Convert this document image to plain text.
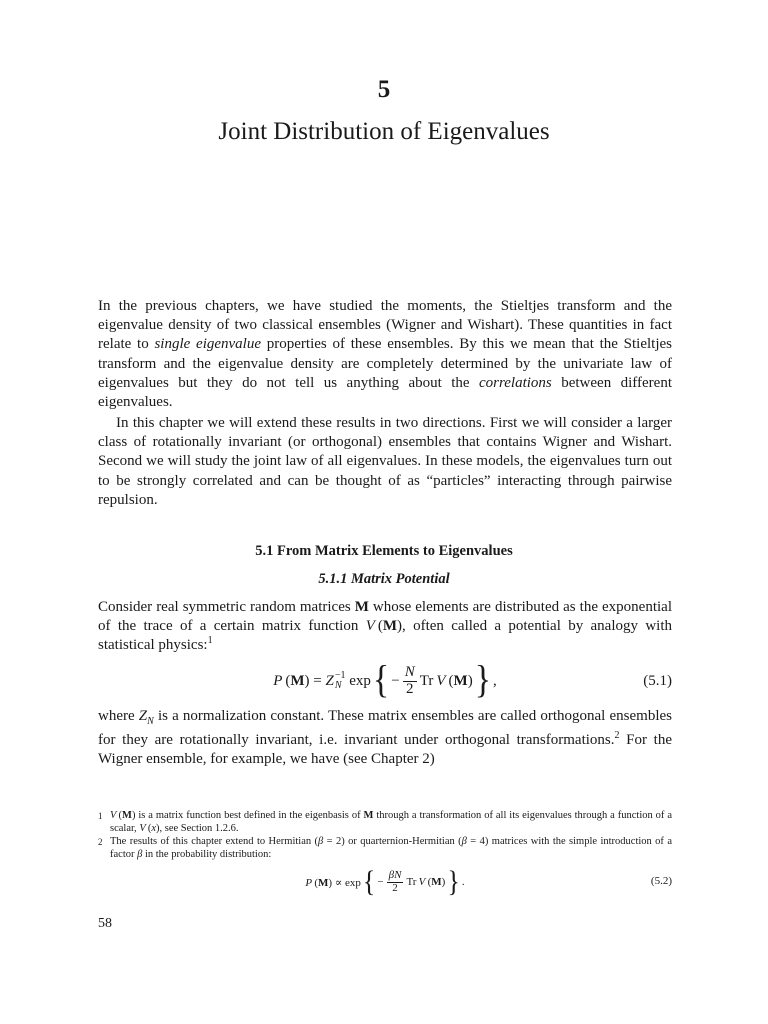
5
Joint Distribution of Eigenvalues
In the previous chapters, we have studied the moments, the Stieltjes transform and the eigenvalue density of two classical ensembles (Wigner and Wishart). These quantities in fact relate to single eigenvalue properties of these ensembles. By this we mean that the Stieltjes transform and the eigenvalue density are completely determined by the univariate law of eigenvalues but they do not tell us anything about the correlations between different eigenvalues.
In this chapter we will extend these results in two directions. First we will consider a larger class of rotationally invariant (or orthogonal) ensembles that contains Wigner and Wishart. Second we will study the joint law of all eigenvalues. In these models, the eigenvalues turn out to be strongly correlated and can be thought of as “particles” interacting through pairwise repulsion.
5.1 From Matrix Elements to Eigenvalues
5.1.1 Matrix Potential
Consider real symmetric random matrices M whose elements are distributed as the exponential of the trace of a certain matrix function V (M), often called a potential by analogy with statistical physics:$^1$
P (M) = Z −1
N exp { − $\frac{N}{2}$ Tr V (M) } ,	(5.1)
where $Z_N$ is a normalization constant. These matrix ensembles are called orthogonal ensembles for they are rotationally invariant, i.e. invariant under orthogonal transformations.$^2$ For the Wigner ensemble, for example, we have (see Chapter 2)
1 V (M) is a matrix function best defined in the eigenbasis of M through a transformation of all its eigenvalues through a function of a scalar, V (x), see Section 1.2.6.
2 The results of this chapter extend to Hermitian (β = 2) or quarternion-Hermitian (β = 4) matrices with the simple introduction of a factor β in the probability distribution:
P (M) ∝ exp { − $\frac{\beta N}{2}$ Tr V (M) } .	(5.2)
58
